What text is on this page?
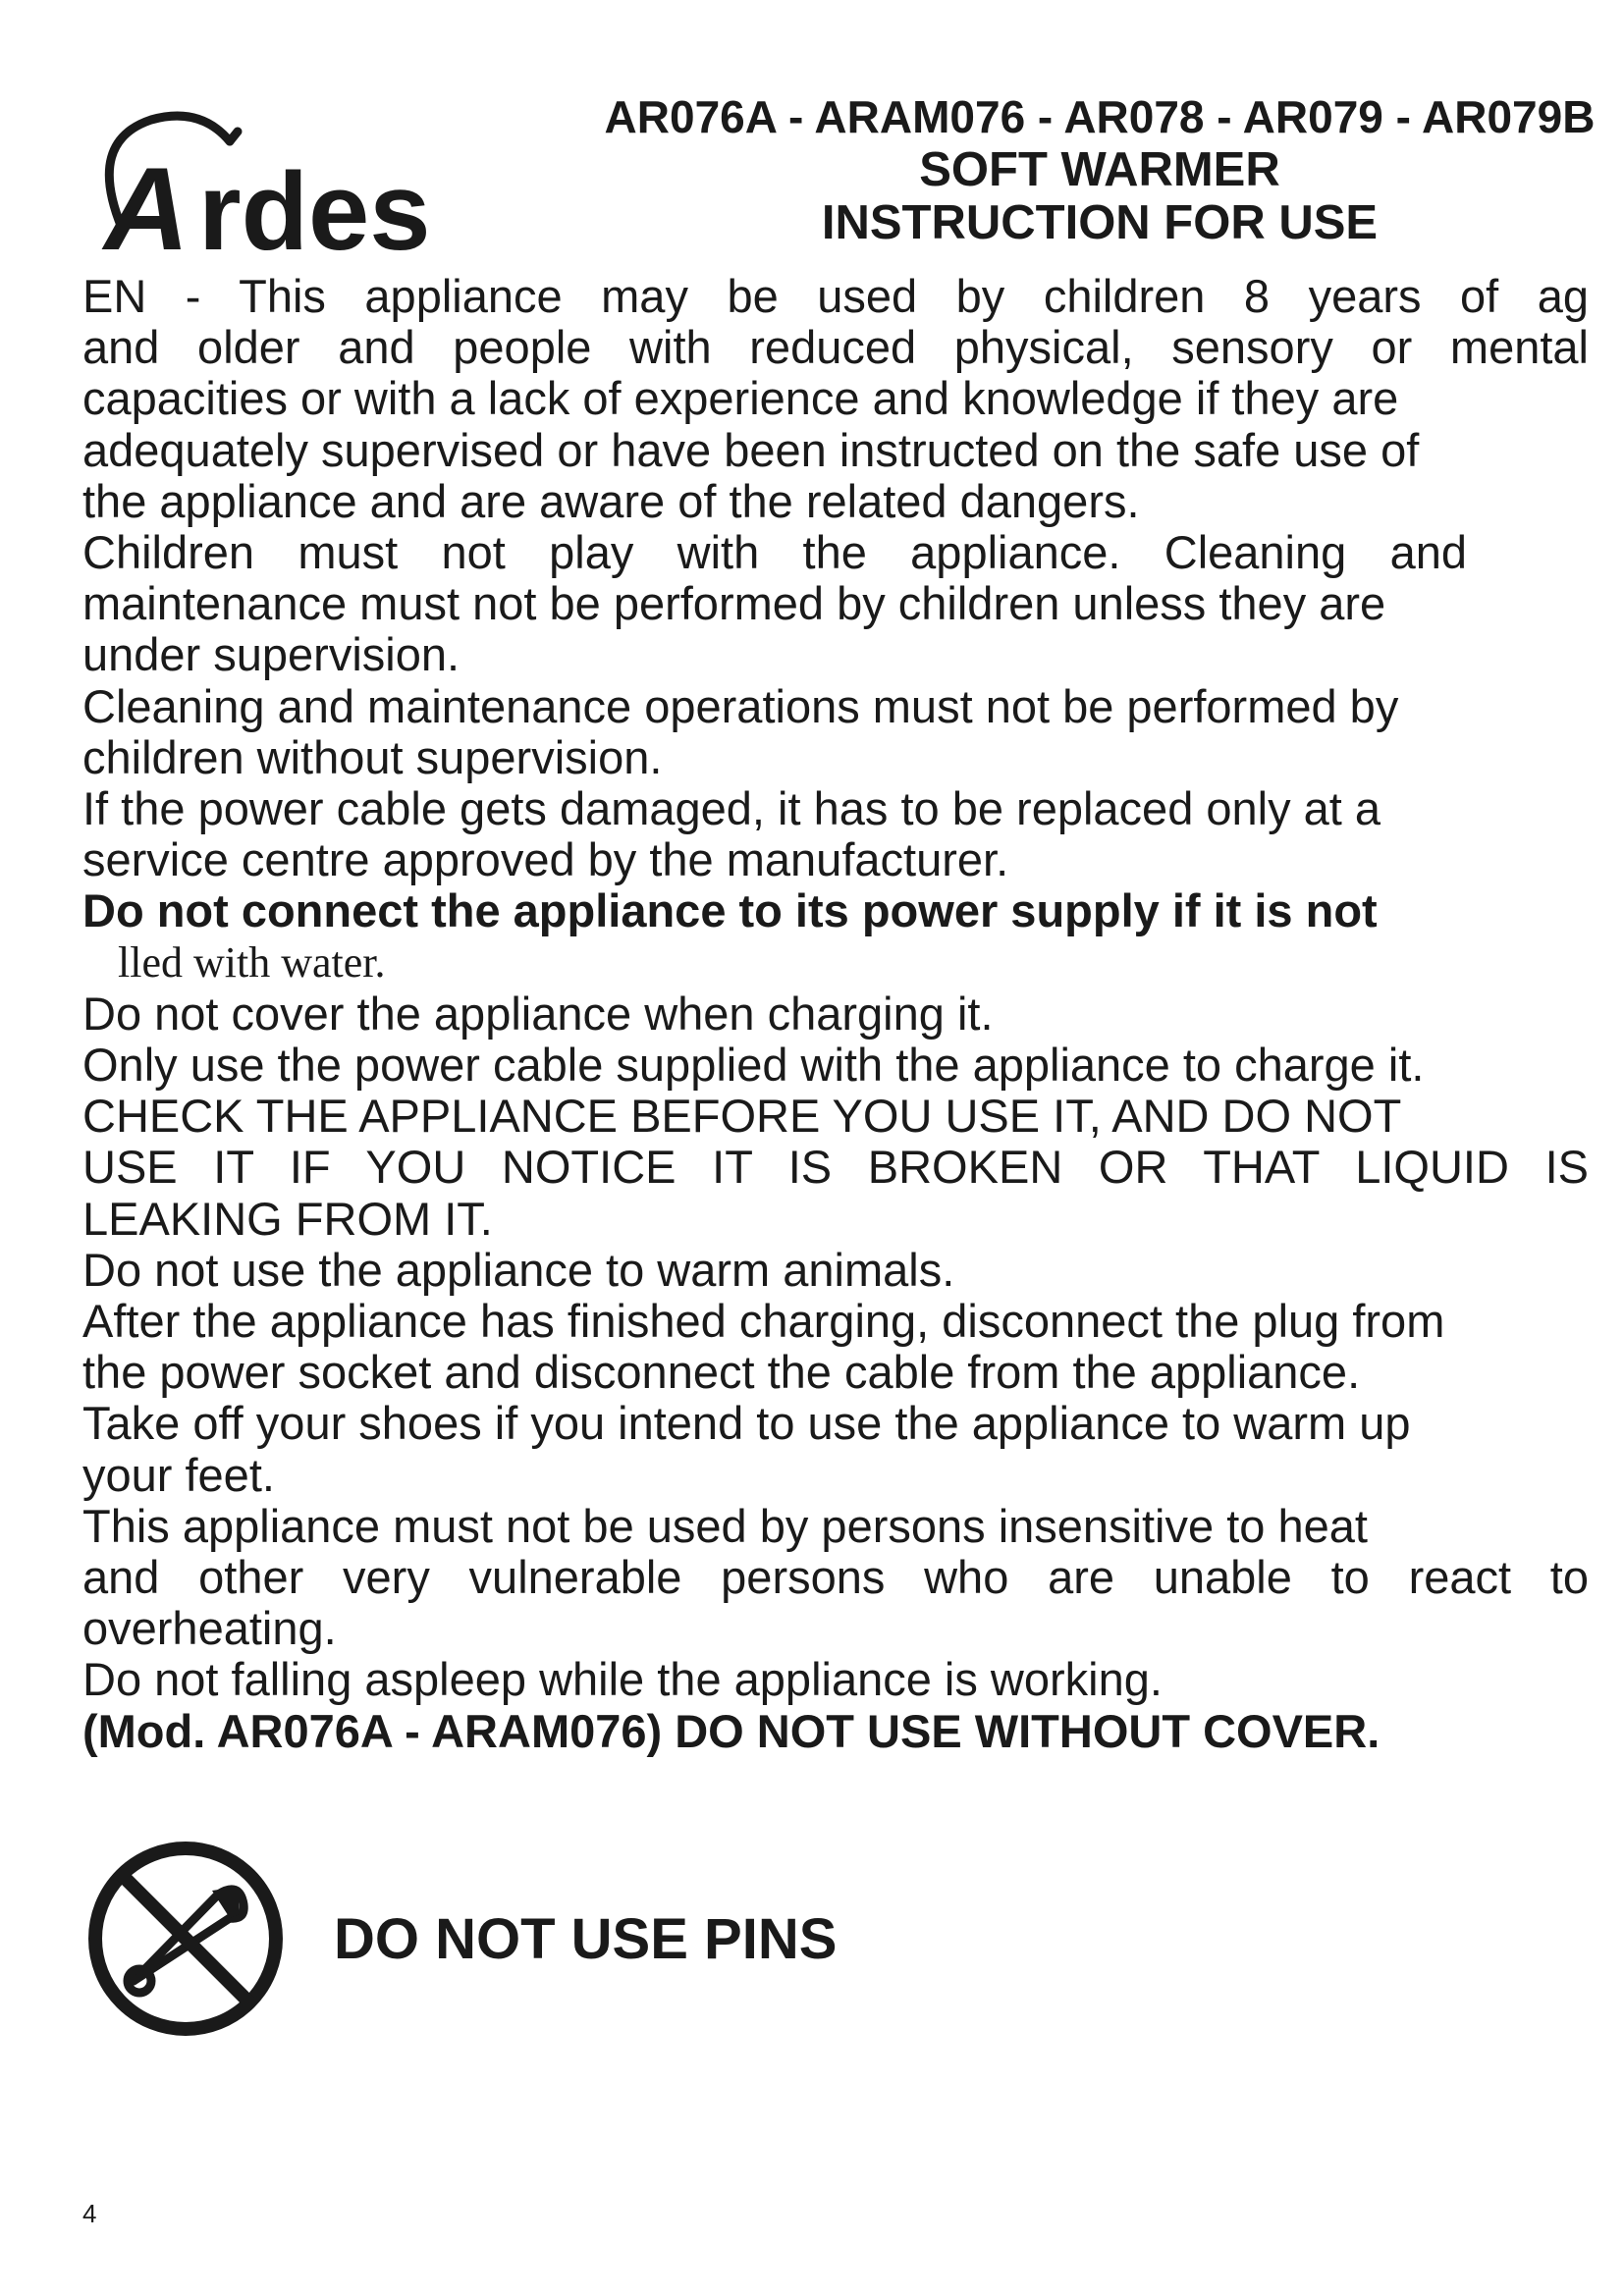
A rdes
AR076A - ARAM076 - AR078 - AR079 - AR079B
SOFT WARMER
INSTRUCTION FOR USE

EN - This appliance may be used by children 8 years of ag

and older and people with reduced physical, sensory or mental

capacities or with a lack of experience and knowledge if they are

adequately supervised or have been instructed on the safe use of

the appliance and are aware of the related dangers.

Children must not play with the appliance. Cleaning and

maintenance must not be performed by children unless they are

under supervision.

Cleaning and maintenance operations must not be performed by

children without supervision.

If the power cable gets damaged, it has to be replaced only at a

service centre approved by the manufacturer.

Do not connect the appliance to its power supply if it is not

lled with water.

Do not cover the appliance when charging it.

Only use the power cable supplied with the appliance to charge it.

CHECK THE APPLIANCE BEFORE YOU USE IT, AND DO NOT

USE IT IF YOU NOTICE IT IS BROKEN OR THAT LIQUID IS

LEAKING FROM IT.

Do not use the appliance to warm animals.

After the appliance has finished charging, disconnect the plug from

the power socket and disconnect the cable from the appliance.

Take off your shoes if you intend to use the appliance to warm up

your feet.

This appliance must not be used by persons insensitive to heat

and other very vulnerable persons who are unable to react to

overheating.

Do not falling aspleep while the appliance is working.

(Mod. AR076A - ARAM076) DO NOT USE WITHOUT COVER.

DO NOT USE PINS
4
